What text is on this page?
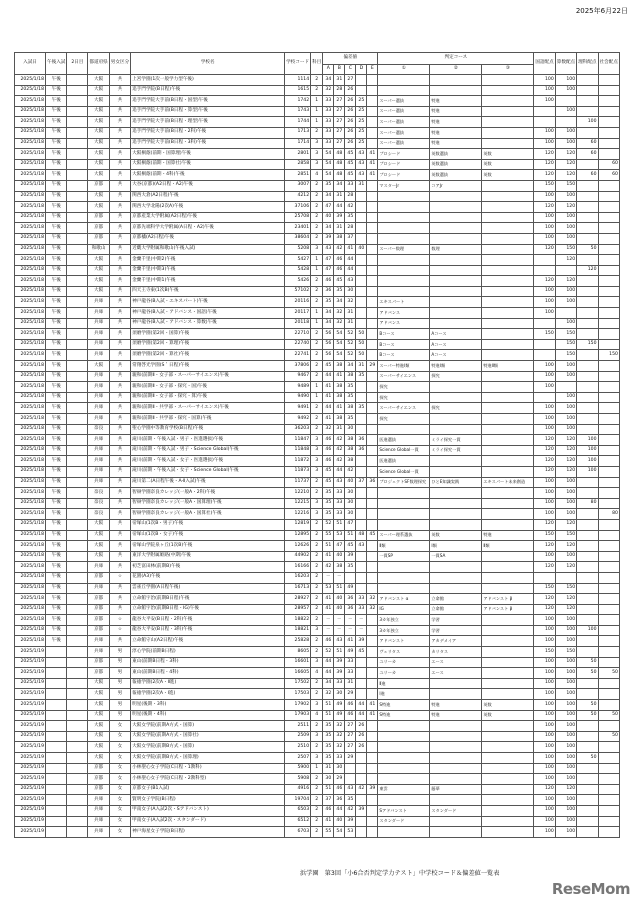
2025年6月22日
入試日	午後入試	2日目	都道府県	男女区分	学校名	学校コード	科目	偏差値					判定コース			国語配点	算数配点	理科配点	社会配点
								A	B	C	D	E	①	②	③				
2025/1/18	午後		大阪	共	上宮学園(1次一般学力型午後)	1114	2	34	31	27						100	100		
2025/1/18	午後		大阪	共	追手門学院(B日程)午後	1615	2	32	28	26						100	100		
2025/1/18	午後		大阪	共	追手門学院大手前(B日程・国型)午後	1742	1	33	27	26	25		スーパー選抜	特進		100			
2025/1/18	午後		大阪	共	追手門学院大手前(B日程・算型)午後	1743	1	33	27	26	25		スーパー選抜	特進			100		
2025/1/18	午後		大阪	共	追手門学院大手前(B日程・理型)午後	1744	1	33	27	26	25		スーパー選抜	特進				100	
2025/1/18	午後		大阪	共	追手門学院大手前(B日程・2科)午後	1713	2	33	27	26	25		スーパー選抜	特進		100	100		
2025/1/18	午後		大阪	共	追手門学院大手前(B日程・3科)午後	1714	3	33	27	26	25		スーパー選抜	特進		100	100	60	
2025/1/18	午後		大阪	共	大阪桐蔭(前期・国算理)午後	2801	3	54	48	45	43	41	プロシード	英数選抜	英数	120	120	60	
2025/1/18	午後		大阪	共	大阪桐蔭(前期・国算社)午後	2858	3	54	48	45	43	41	プロシード	英数選抜	英数	120	120		60
2025/1/18	午後		大阪	共	大阪桐蔭(前期・4科)午後	2851	4	54	48	45	43	41	プロシード	英数選抜	英数	120	120	60	60
2025/1/18	午後		京都	共	大谷(京都)(A2日程・A2)午後	3007	2	35	34	33	31		マスターJr	コアJr		150	150		
2025/1/18	午後		大阪	共	関西大倉(A2日程)午後	4212	2	34	31	28						100	100		
2025/1/18	午後		大阪	共	関西大学北陽(2次A)午後	37106	2	47	44	42						120	120		
2025/1/18	午後		京都	共	京都産業大学附属(A2日程)午後	25708	2	40	39	35						100	100		
2025/1/18	午後		京都	共	京都先端科学大学附属(A日程・A2)午後	23401	2	34	31	28						100	100		
2025/1/18	午後		京都	共	京都橘(A2日程)午後	38604	2	39	38	37						100	100		
2025/1/18	午後		和歌山	共	近畿大学附属和歌山(午後入試)	5208	3	43	42	41	40		スーパー数理	数理		120	150	50	
2025/1/18	午後		大阪	共	金蘭千里(中期2)午後	5427	1	47	46	44							120		
2025/1/18	午後		大阪	共	金蘭千里(中期3)午後	5428	1	47	46	44								120	
2025/1/18	午後		大阪	共	金蘭千里(中期1)午後	5426	2	46	45	43						120	120		
2025/1/18	午後		大阪	共	四天王寺東(1次B)午後	57102	2	36	35	30						100	100		
2025/1/18	午後		兵庫	共	神戸龍谷(B入試・エキスパート)午後	20116	2	35	34	32			エキスパート			100	100		
2025/1/18	午後		兵庫	共	神戸龍谷(B入試・アドバンス・国語)午後	20117	1	34	32	31			アドバンス			100			
2025/1/18	午後		兵庫	共	神戸龍谷(B入試・アドバンス・算数)午後	20118	1	34	32	31			アドバンス				100		
2025/1/18	午後		兵庫	共	須磨学園(第2回・国算)午後	22710	2	56	54	52	50		Bコース	Aコース		150	150		
2025/1/18	午後		兵庫	共	須磨学園(第2回・算理)午後	22740	2	56	54	52	50		Bコース	Aコース			150	150	
2025/1/18	午後		兵庫	共	須磨学園(第2回・算社)午後	22741	2	56	54	52	50		Bコース	Aコース			150		150
2025/1/18	午後		大阪	共	常翔啓光学園(S＇日程)午後	37806	2	45	38	34	31	29	スーパー特進Ⅰ類	特進Ⅰ類	特進Ⅱ類	100	100		
2025/1/18	午後		兵庫	共	親和(前期Ⅱ・女子部・スーパーサイエンス)午後	9467	2	44	41	38	35		スーパーサイエンス	探究		100	100		
2025/1/18	午後		兵庫	共	親和(前期Ⅱ・女子部・探究・国)午後	9489	1	41	38	35			探究			100			
2025/1/18	午後		兵庫	共	親和(前期Ⅱ・女子部・探究・算)午後	9490	1	41	38	35			探究				100		
2025/1/18	午後		兵庫	共	親和(前期Ⅱ・共学部・スーパーサイエンス)午後	9491	2	44	41	38	35		スーパーサイエンス	探究		100	100		
2025/1/18	午後		兵庫	共	親和(前期Ⅱ・共学部・探究・国算)午後	9492	2	41	38	35			探究			100	100		
2025/1/18	午後		奈良	共	聖心学園中等教育学校(B日程)午後	36203	2	32	31	30						100	100		
2025/1/18	午後		兵庫	共	滝川(前期・午後入試・男子・医進選抜)午後	11847	3	46	42	38	36		医進選抜	ミライ探究一貫		120	120	100	
2025/1/18	午後		兵庫	共	滝川(前期・午後入試・男子・Science Global)午後	11848	3	46	42	38	36		Science Global一貫	ミライ探究一貫		120	120	100	
2025/1/18	午後		兵庫	共	滝川(前期・午後入試・女子・医進選抜)午後	11872	3	46	42	38			医進選抜			120	120	100	
2025/1/18	午後		兵庫	共	滝川(前期・午後入試・女子・Science Global)午後	11873	3	45	44	42			Science Global一貫			120	120	100	
2025/1/18	午後		兵庫	共	滝川第二(A日程午後・A-Ⅱ入試)午後	11737	2	45	43	40	37	36	プロジェクトSF数理探究	ひとE知識実践	エキスパート未来創造	100	100		
2025/1/18	午後		奈良	共	智辯学園奈良カレッジ(一般A・2科)午後	12210	2	35	33	30						100	100		
2025/1/18	午後		奈良	共	智辯学園奈良カレッジ(一般A・国算理)午後	12215	3	35	33	30						100	100	80	
2025/1/18	午後		奈良	共	智辯学園奈良カレッジ(一般A・国算社)午後	12216	3	35	33	30						100	100		80
2025/1/18	午後		大阪	共	帝塚山(1次B・男子)午後	12819	2	52	51	47						120	120		
2025/1/18	午後		大阪	共	帝塚山(1次B・女子)午後	12895	2	55	53	51	48	45	スーパー理系選抜	英数	特進	150	150		
2025/1/18	午後		大阪	共	帝塚山学院泉ヶ丘(1次B)午後	12626	2	51	47	45	43		Ⅱ類	Ⅰ類	Ⅱ類	120	120		
2025/1/18	午後		大阪	共	東洋大学附属姫路(中期)午後	44902	2	41	40	39			一貫SP	一貫SA		100	100		
2025/1/18	午後		兵庫	共	初芝富田林(前期B)午後	16166	2	42	38	35						120	120		
2025/1/18	午後		京都	☆	花園(A3)午後	16203	2	－	－										
2025/1/18	午後		兵庫	共	雲雀丘学園(A日程午後)	16713	2	53	51	49						150	150		
2025/1/18	午後		京都	共	立命館宇治(前期B日程)午後	28927	2	41	40	36	33	32	アドバンスト α	立命館	アドバンスト β	120	120		
2025/1/18	午後		京都	共	立命館宇治(前期B日程・IG)午後	28957	2	41	40	36	33	32	IG	立命館	アドバンスト β	120	120		
2025/1/18	午後		京都	☆	龍谷大平安(B日程・2科)午後	18822	2	－	－	－	－		3カ年独立	学習		100	100		
2025/1/18	午後		京都	☆	龍谷大平安(B日程・3科)午後	18821	3	－	－	－	－		3カ年独立	学習		100	100	100	
2025/1/18	午後		兵庫	共	立命館守山(A2日程)午後	25828	2	46	43	41	39		アドバンスト	アカデメイア		100	100		
2025/1/19			兵庫	男	淳心学院(前期B日程)	8605	2	52	51	49	45		ヴェリタス	カリタス		150	150		
2025/1/19			京都	男	東山(前期B日程・3科)	16601	3	44	39	33			ユリーカ	エース		100	100	50	
2025/1/19			京都	男	東山(前期B日程・4科)	16605	4	44	39	33			ユリーカ	エース		100	100	50	50
2025/1/19			大阪	男	報徳学園(2次A・Ⅱ進)	17502	2	34	33	31			Ⅱ進			100	100		
2025/1/19			大阪	男	報徳学園(2次A・Ⅰ進)	17503	2	32	30	29			Ⅰ進			100	100		
2025/1/19			大阪	男	明星(後期・3科)	17902	3	51	49	46	44	41	S特進	特進	英数	100	100	50	
2025/1/19			大阪	男	明星(後期・4科)	17903	4	51	49	46	44	41	S特進	特進	英数	100	100	50	50
2025/1/19			大阪	女	大阪女学院(前期A方式・国算)	2511	2	35	32	27	26					100	100		
2025/1/19			大阪	女	大阪女学院(前期A方式・国算社)	2509	3	35	32	27	26					100	100		50
2025/1/19			大阪	女	大阪女学院(前期B方式・国算)	2510	2	35	32	27	26					100	100		
2025/1/19			大阪	女	大阪女学院(前期B方式・国算理)	2507	3	35	33	29						100	100	50	
2025/1/19			京都	女	小林聖心女子学院(C日程・1教科)	5900	1	31	30							100	100		
2025/1/19			京都	女	小林聖心女子学院(C日程・2教科型)	5908	2	30	29							100	100		
2025/1/19			京都	女	京都女子(B1入試)	4916	2	51	46	43	42	39	東雲	藤華		120	120		
2025/1/19			兵庫	女	賢明女子学院(B日程)	19704	2	37	36	35						100	100		
2025/1/19			兵庫	女	甲南女子(A入試2次・Sアドバンスト)	6503	2	46	44	42	39		Sアドバンスト	スタンダード		100	100		
2025/1/19			兵庫	女	甲南女子(A入試2次・スタンダード)	6512	2	41	40	39			スタンダード			100	100		
2025/1/19			兵庫	女	神戸海星女子学院(B日程)	6703	2	55	54	53						100	100		
浜学園　第3回「小6合否判定学力テスト」中学校コード＆偏差値一覧表
ReseMom
